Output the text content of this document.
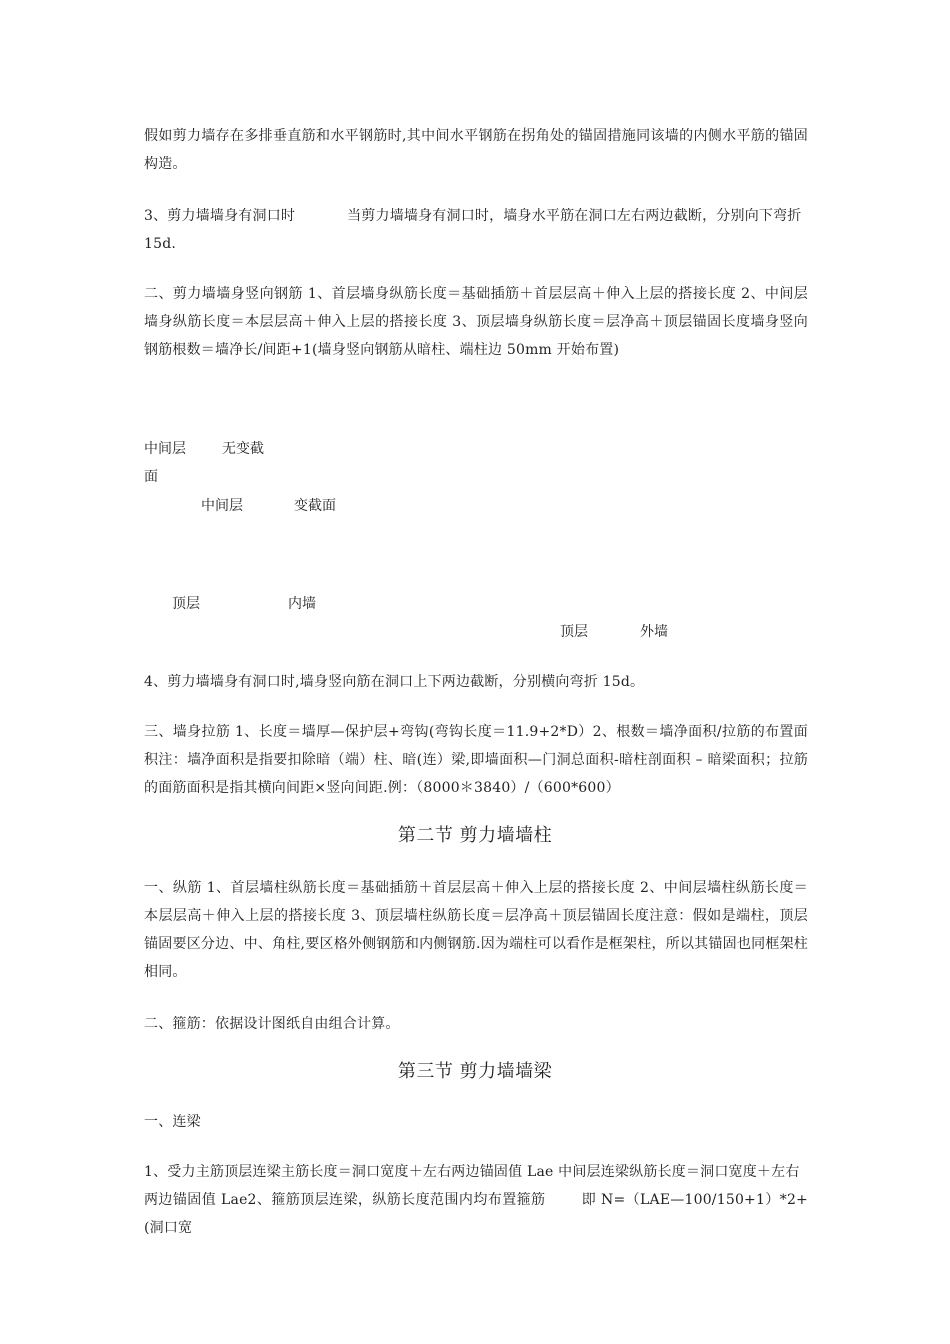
假如剪力墙存在多排垂直筋和水平钢筋时,其中间水平钢筋在拐角处的锚固措施同该墙的内侧水平筋的锚固构造。

3、剪力墙墙身有洞口时	当剪力墙墙身有洞口时，墙身水平筋在洞口左右两边截断，分别向下弯折
15d.

二、剪力墙墙身竖向钢筋 1、首层墙身纵筋长度＝基础插筋＋首层层高＋伸入上层的搭接长度 2、中间层墙身纵筋长度＝本层层高＋伸入上层的搭接长度 3、顶层墙身纵筋长度＝层净高＋顶层锚固长度墙身竖向钢筋根数＝墙净长/间距+1(墙身竖向钢筋从暗柱、端柱边 50mm 开始布置)

中间层	无变截
面
中间层	变截面
顶层	内墙
顶层	外墙

4、剪力墙墙身有洞口时,墙身竖向筋在洞口上下两边截断，分别横向弯折 15d。

三、墙身拉筋 1、长度＝墙厚—保护层+弯钩(弯钩长度＝11.9+2*D）2、根数＝墙净面积/拉筋的布置面积注：墙净面积是指要扣除暗（端）柱、暗(连）梁,即墙面积—门洞总面积-暗柱剖面积 – 暗梁面积；拉筋的面筋面积是指其横向间距×竖向间距.例：（8000＊3840）/（600*600）

第二节 剪力墙墙柱

一、纵筋 1、首层墙柱纵筋长度＝基础插筋＋首层层高＋伸入上层的搭接长度 2、中间层墙柱纵筋长度＝本层层高＋伸入上层的搭接长度 3、顶层墙柱纵筋长度＝层净高＋顶层锚固长度注意：假如是端柱，顶层锚固要区分边、中、角柱,要区格外侧钢筋和内侧钢筋.因为端柱可以看作是框架柱，所以其锚固也同框架柱相同。

二、箍筋：依据设计图纸自由组合计算。

第三节 剪力墙墙梁

一、连梁

1、受力主筋顶层连梁主筋长度＝洞口宽度＋左右两边锚固值 Lae 中间层连梁纵筋长度＝洞口宽度＋左右
两边锚固值 Lae2、箍筋顶层连梁，纵筋长度范围内均布置箍筋	即 N=（LAE—100/150+1）*2+(洞口宽
